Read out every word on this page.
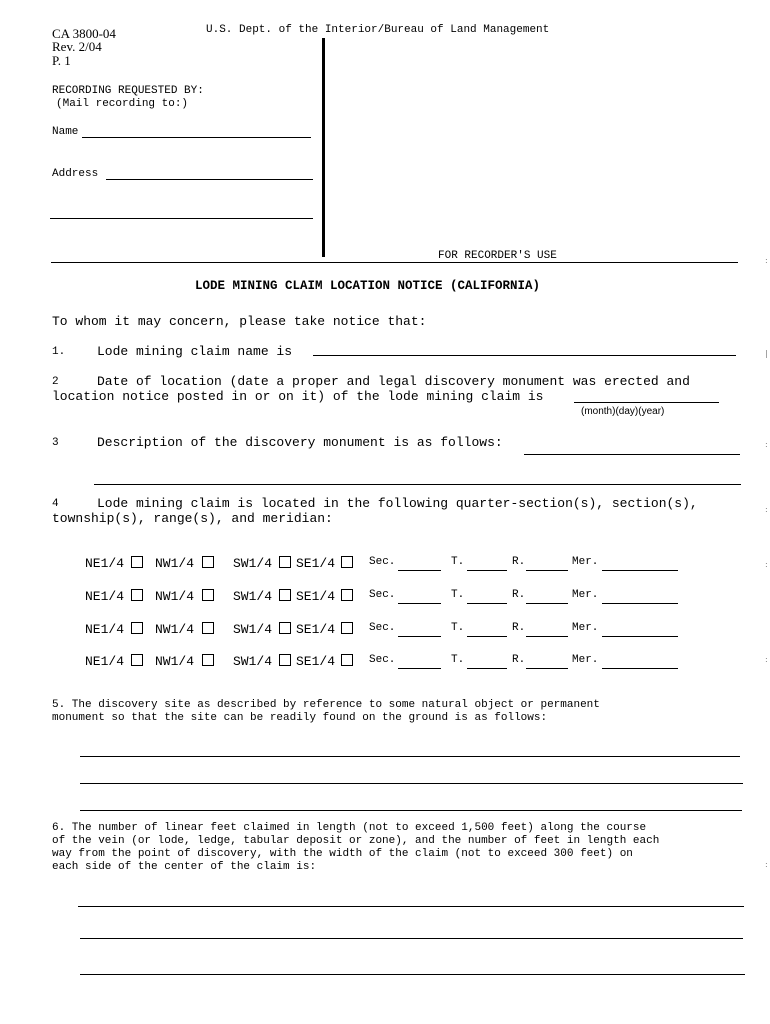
CA 3800-04
Rev. 2/04
P. 1
U.S. Dept. of the Interior/Bureau of Land Management
RECORDING REQUESTED BY:
(Mail recording to:)
Name
Address
FOR RECORDER'S USE
LODE MINING CLAIM LOCATION NOTICE (CALIFORNIA)
To whom it may concern, please take notice that:
1. Lode mining claim name is
2	Date of location (date a proper and legal discovery monument was erected and
location notice posted in or on it) of the lode mining claim is
(month)(day)(year)
3	Description of the discovery monument is as follows:
4	Lode mining claim is located in the following quarter-section(s), section(s),
township(s), range(s), and meridian:
NE1/4 NW1/4	SW1/4 SE1/4	Sec.	T.	R.	Mer.
NE1/4 NW1/4	SW1/4 SE1/4	Sec.	T.	R.	Mer.
NE1/4 NW1/4	SW1/4 SE1/4	Sec.	T.	R.	Mer.
NE1/4 NW1/4	SW1/4 SE1/4	Sec.	T.	R.	Mer.
5. The discovery site as described by reference to some natural object or permanent
monument so that the site can be readily found on the ground is as follows:
6. The number of linear feet claimed in length (not to exceed 1,500 feet) along the course
of the vein (or lode, ledge, tabular deposit or zone), and the number of feet in length each
way from the point of discovery, with the width of the claim (not to exceed 300 feet) on
each side of the center of the claim is:
:
|
:
:
:
:
:
